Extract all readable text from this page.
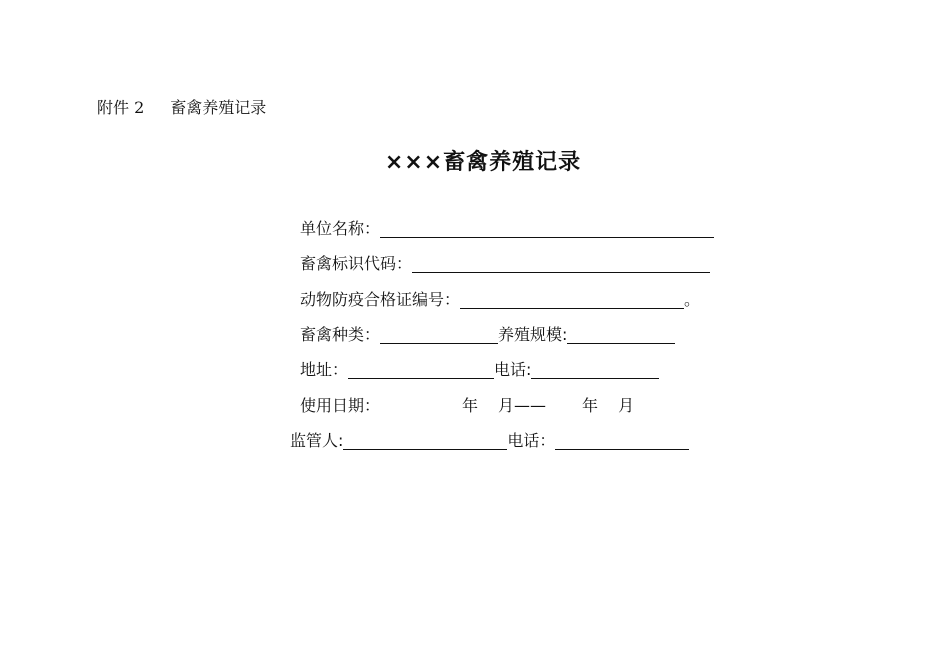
附件 2 畜禽养殖记录
×××畜禽养殖记录
单位名称：
畜禽标识代码：
动物防疫合格证编号：	。
畜禽种类：	养殖规模:
地址：	电话:
使用日期：	年 月—— 年 月
监管人:	电话：
